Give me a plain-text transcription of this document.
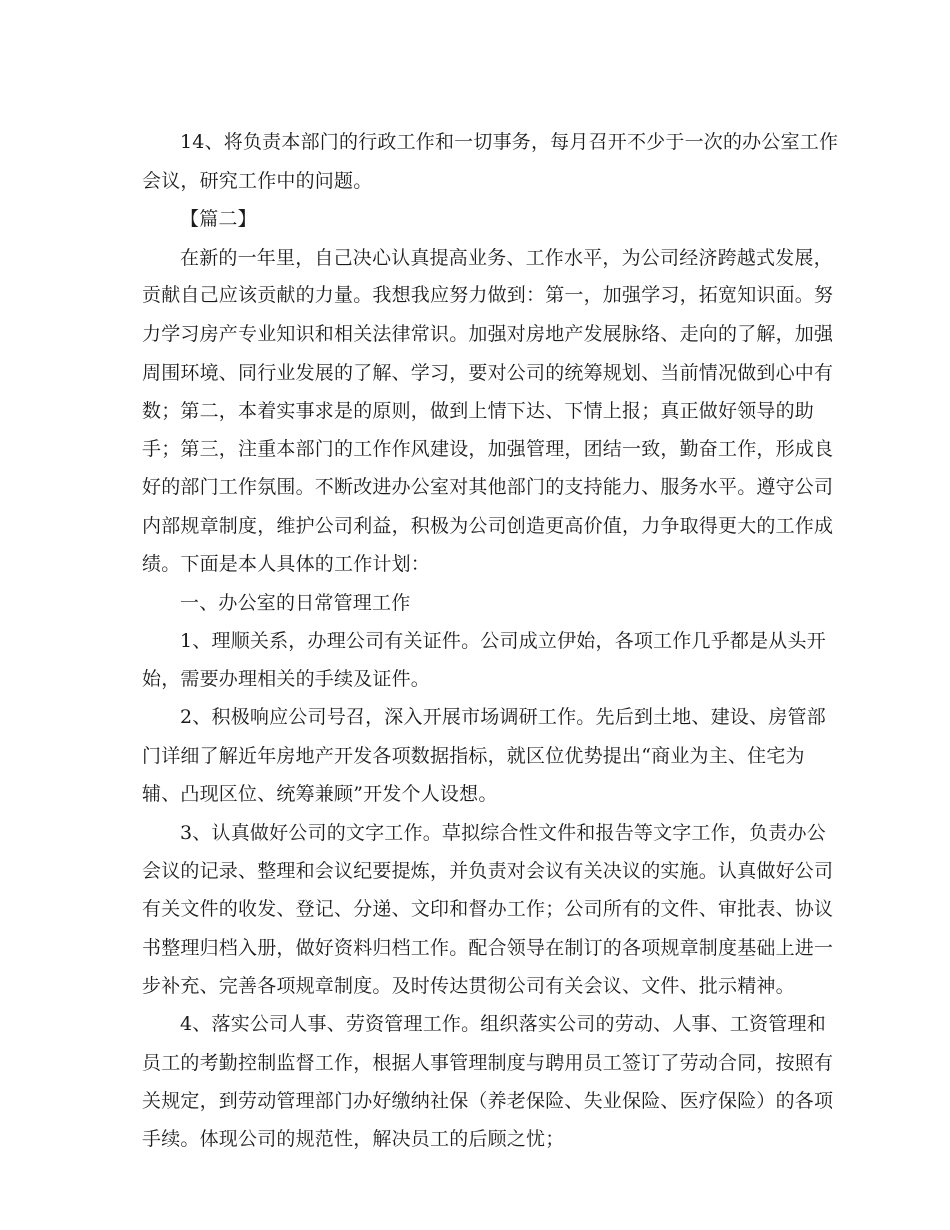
14、将负责本部门的行政工作和一切事务，每月召开不少于一次的办公室工作
会议，研究工作中的问题。
【篇二】
在新的一年里，自己决心认真提高业务、工作水平，为公司经济跨越式发展，
贡献自己应该贡献的力量。我想我应努力做到：第一，加强学习，拓宽知识面。努
力学习房产专业知识和相关法律常识。加强对房地产发展脉络、走向的了解，加强
周围环境、同行业发展的了解、学习，要对公司的统筹规划、当前情况做到心中有
数；第二，本着实事求是的原则，做到上情下达、下情上报；真正做好领导的助
手；第三，注重本部门的工作作风建设，加强管理，团结一致，勤奋工作，形成良
好的部门工作氛围。不断改进办公室对其他部门的支持能力、服务水平。遵守公司
内部规章制度，维护公司利益，积极为公司创造更高价值，力争取得更大的工作成
绩。下面是本人具体的工作计划：
一、办公室的日常管理工作
1、理顺关系，办理公司有关证件。公司成立伊始，各项工作几乎都是从头开
始，需要办理相关的手续及证件。
2、积极响应公司号召，深入开展市场调研工作。先后到土地、建设、房管部
门详细了解近年房地产开发各项数据指标，就区位优势提出“商业为主、住宅为
辅、凸现区位、统筹兼顾”开发个人设想。
3、认真做好公司的文字工作。草拟综合性文件和报告等文字工作，负责办公
会议的记录、整理和会议纪要提炼，并负责对会议有关决议的实施。认真做好公司
有关文件的收发、登记、分递、文印和督办工作；公司所有的文件、审批表、协议
书整理归档入册，做好资料归档工作。配合领导在制订的各项规章制度基础上进一
步补充、完善各项规章制度。及时传达贯彻公司有关会议、文件、批示精神。
4、落实公司人事、劳资管理工作。组织落实公司的劳动、人事、工资管理和
员工的考勤控制监督工作，根据人事管理制度与聘用员工签订了劳动合同，按照有
关规定，到劳动管理部门办好缴纳社保（养老保险、失业保险、医疗保险）的各项
手续。体现公司的规范性，解决员工的后顾之忧；
